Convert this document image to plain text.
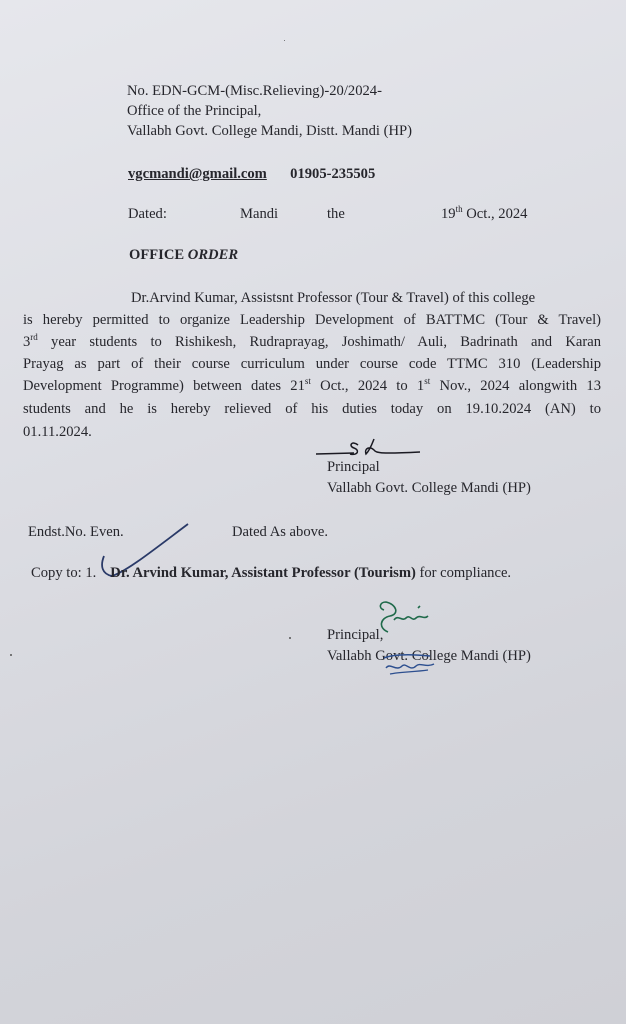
No. EDN-GCM-(Misc.Relieving)-20/2024-
Office of the Principal,
Vallabh Govt. College Mandi, Distt. Mandi (HP)
vgcmandi@gmail.com 01905-235505
Dated:	Mandi	the	19th Oct., 2024
OFFICE ORDER
Dr.Arvind Kumar, Assistsnt Professor (Tour & Travel) of this college
is hereby permitted to organize Leadership Development of BATTMC (Tour & Travel)
3rd year students to Rishikesh, Rudraprayag, Joshimath/ Auli, Badrinath and Karan
Prayag as part of their course curriculum under course code TTMC 310 (Leadership
Development Programme) between dates 21st Oct., 2024 to 1st Nov., 2024 alongwith 13
students and he is hereby relieved of his duties today on 19.10.2024 (AN) to
01.11.2024.
Principal
Vallabh Govt. College Mandi (HP)
Endst.No. Even.	Dated As above.
Copy to: 1. Dr. Arvind Kumar, Assistant Professor (Tourism) for compliance.
Principal,
Vallabh Govt. College Mandi (HP)
